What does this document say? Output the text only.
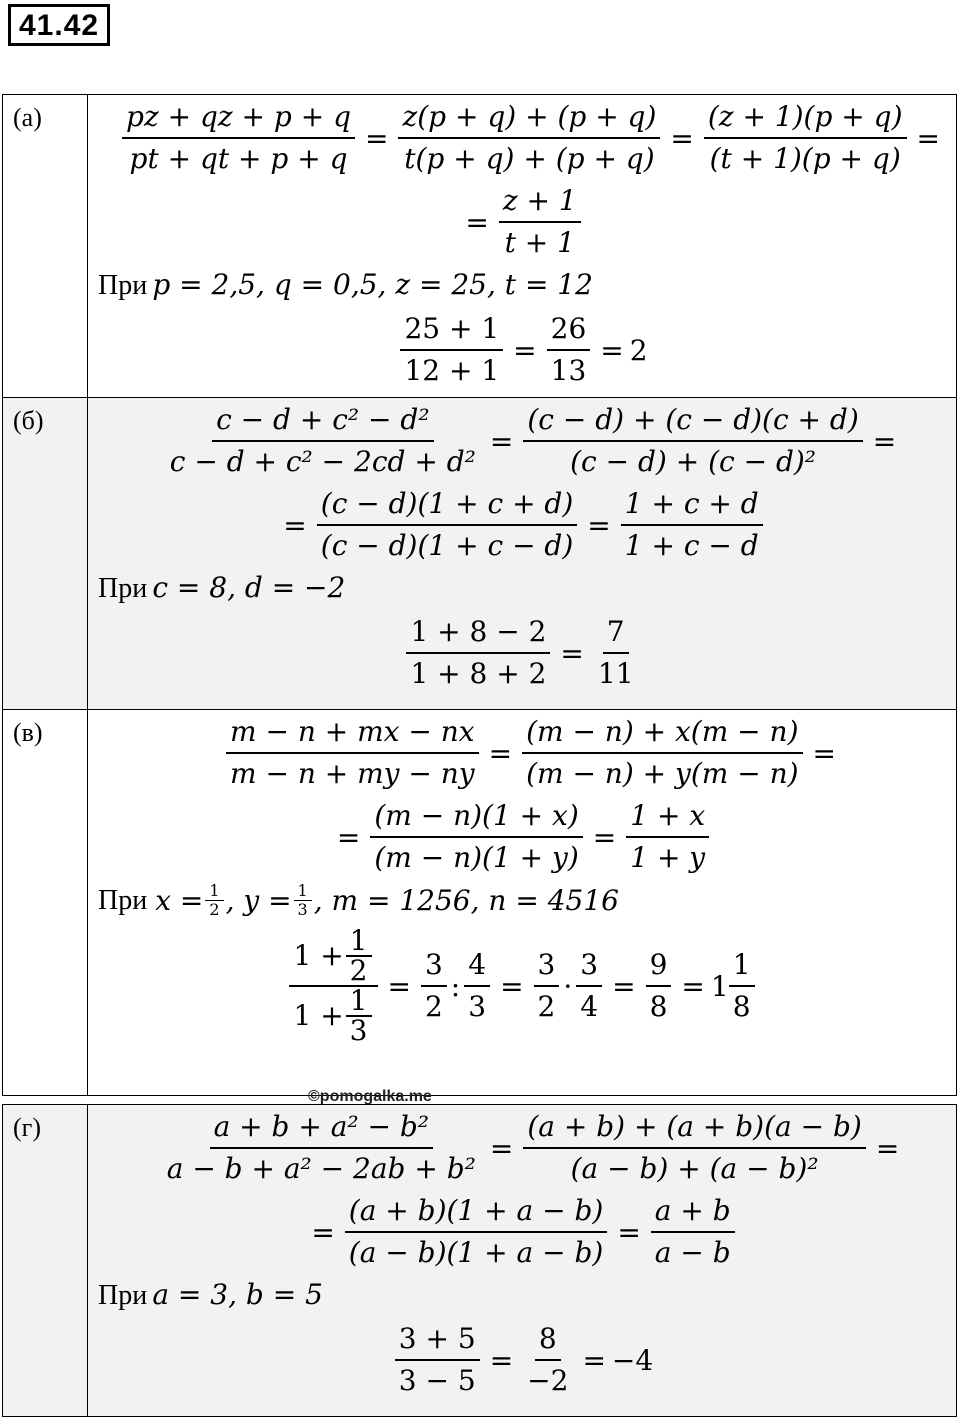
41.42
(а)	$\frac{pz + qz + p + q}{pt + qt + p + q} = \frac{z(p + q) + (p + q)}{t(p + q) + (p + q)} = \frac{(z + 1)(p + q)}{(t + 1)(p + q)}$ =
= $\frac{z + 1}{t + 1}$
При p = 2,5, q = 0,5, z = 25, t = 12
$\frac{25 + 1}{12 + 1} = \frac{26}{13} = 2$
(б)	$\frac{\text{c − d + c² − d²}}{\text{c − d + c² − 2cd + d²}} = \frac{(c - d) + (c - d)(c + d)}{\text{(c − d) + (c − d)²}}$ =
= $\frac{(c - d)(1 + c + d)}{(c - d)(1 + c - d)} = \frac{1 + c + d}{1 + c - d}$
При c = 8, d = −2
$\frac{1 + 8 - 2}{1 + 8 + 2} = \frac{7}{11}$
(в)	$\frac{m - n + mx - nx}{m - n + my - ny} = \frac{(m - n) + x(m - n)}{(m - n) + y(m - n)}$ =
= $\frac{(m - n)(1 + x)}{(m - n)(1 + y)} = \frac{1 + x}{1 + y}$
При $x = \frac{1}{2}$ , $y = \frac{1}{3}$ , m = 1256, n = 4516
$\frac{1 + \frac{1}{2}}{1 + \frac{1}{3}} = \frac{3}{2}$ : $\frac{4}{3} = \frac{3}{2} \cdot \frac{3}{4} = \frac{9}{8} = 1 \frac{1}{8}$
©pomogalka.me
(г)	$\frac{\text{a + b + a² − b²}}{\text{a − b + a² − 2ab + b²}} = \frac{(a + b) + (a + b)(a - b)}{\text{(a − b) + (a − b)²}}$ =
= $\frac{(a + b)(1 + a - b)}{(a - b)(1 + a - b)} = \frac{a + b}{a - b}$
При a = 3, b = 5
$\frac{3 + 5}{3 - 5} = \frac{8}{-2} = -4$
